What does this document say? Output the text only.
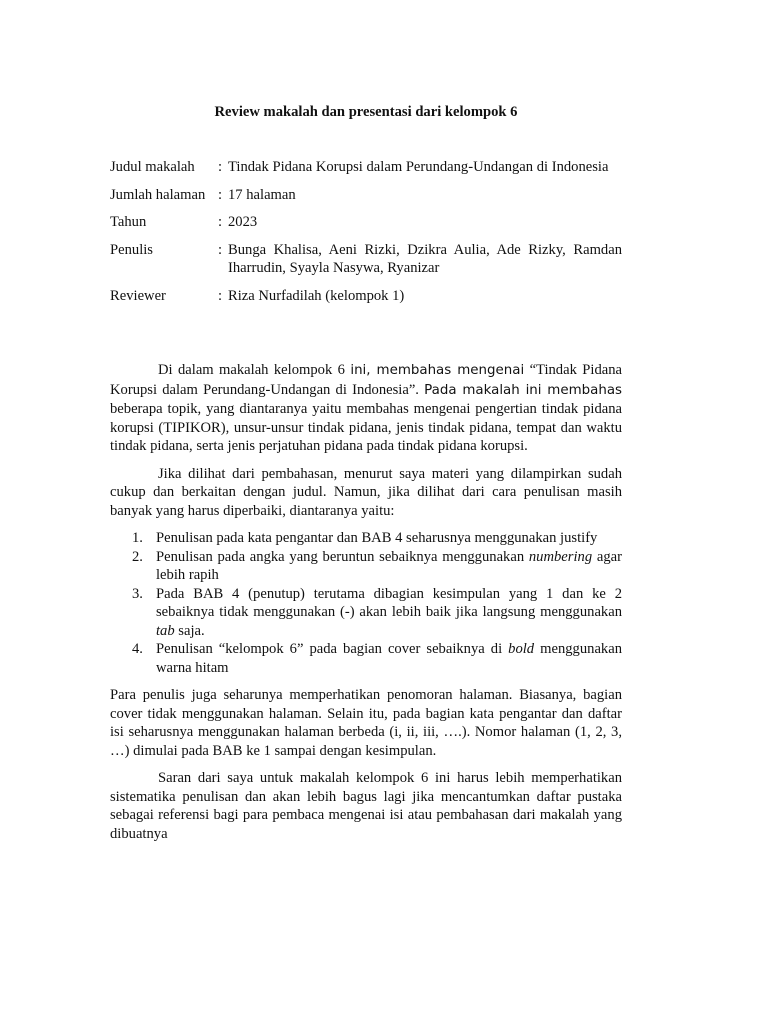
Review makalah dan presentasi dari kelompok 6
Judul makalah	: Tindak Pidana Korupsi dalam Perundang-Undangan di Indonesia
Jumlah halaman : 17 halaman
Tahun	: 2023
Penulis	: Bunga Khalisa, Aeni Rizki, Dzikra Aulia, Ade Rizky, Ramdan Iharrudin, Syayla Nasywa, Ryanizar
Reviewer	: Riza Nurfadilah (kelompok 1)

Di dalam makalah kelompok 6 ini, membahas mengenai “Tindak Pidana Korupsi dalam Perundang-Undangan di Indonesia”. Pada makalah ini membahas beberapa topik, yang diantaranya yaitu membahas mengenai pengertian tindak pidana korupsi (TIPIKOR), unsur-unsur tindak pidana, jenis tindak pidana, tempat dan waktu tindak pidana, serta jenis perjatuhan pidana pada tindak pidana korupsi.

Jika dilihat dari pembahasan, menurut saya materi yang dilampirkan sudah cukup dan berkaitan dengan judul. Namun, jika dilihat dari cara penulisan masih banyak yang harus diperbaiki, diantaranya yaitu:

1. Penulisan pada kata pengantar dan BAB 4 seharusnya menggunakan justify
2. Penulisan pada angka yang beruntun sebaiknya menggunakan numbering agar lebih rapih
3. Pada BAB 4 (penutup) terutama dibagian kesimpulan yang 1 dan ke 2 sebaiknya tidak menggunakan (-) akan lebih baik jika langsung menggunakan tab saja.
4. Penulisan “kelompok 6” pada bagian cover sebaiknya di bold menggunakan warna hitam

Para penulis juga seharunya memperhatikan penomoran halaman. Biasanya, bagian cover tidak menggunakan halaman. Selain itu, pada bagian kata pengantar dan daftar isi seharusnya menggunakan halaman berbeda (i, ii, iii, ….). Nomor halaman (1, 2, 3, …) dimulai pada BAB ke 1 sampai dengan kesimpulan.

Saran dari saya untuk makalah kelompok 6 ini harus lebih memperhatikan sistematika penulisan dan akan lebih bagus lagi jika mencantumkan daftar pustaka sebagai referensi bagi para pembaca mengenai isi atau pembahasan dari makalah yang dibuatnya
